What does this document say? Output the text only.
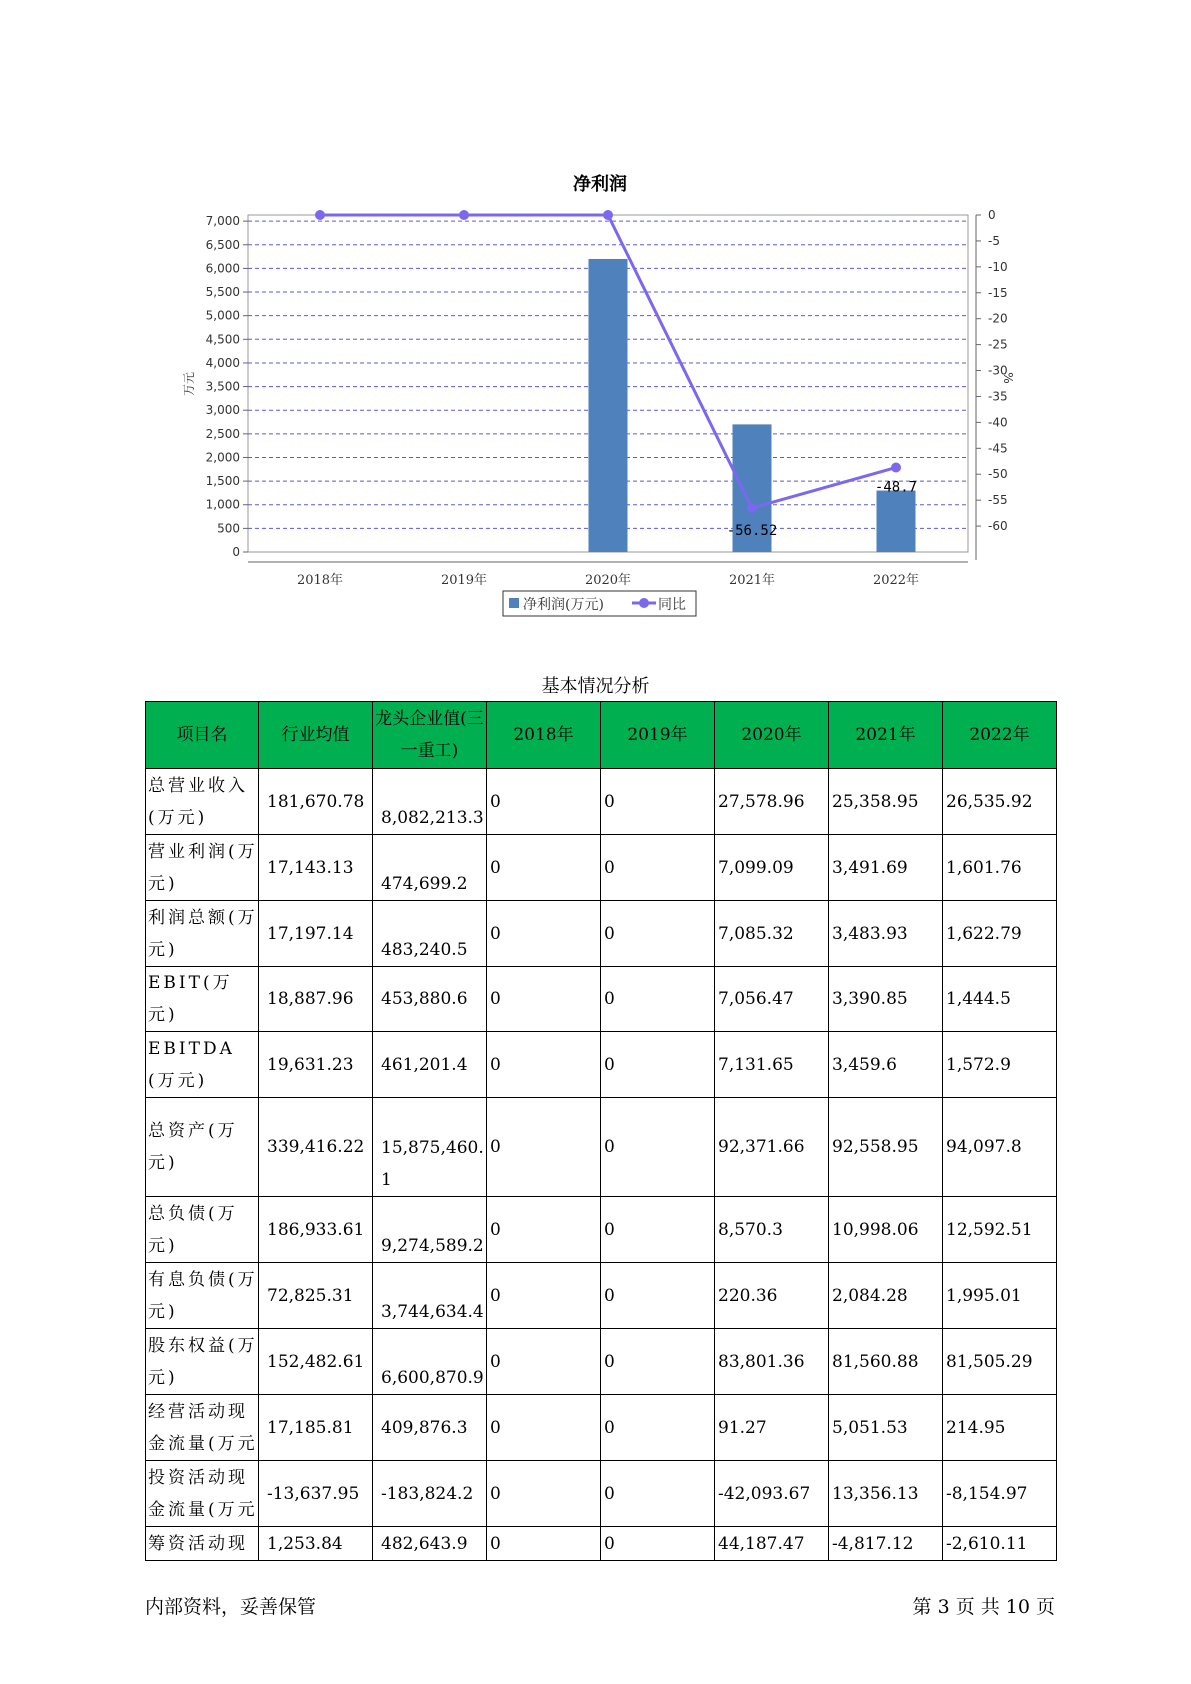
净利润
-56.52
-48.7
0
500
1,000
1,500
2,000
2,500
3,000
3,500
4,000
4,500
5,000
5,500
6,000
6,500
7,000	0
-5
-10
-15
-20
-25
-30
-35
-40
-45
-50
-55
-60
2018年	2019年	2020年	2021年	2022年
万元	%
净利润(万元)	同比
基本情况分析
项目名	行业均值	龙头企业值(三一重工)	2018年	2019年	2020年	2021年	2022年
总营业收入(万元)	181,670.78	8,082,213.3	0	0	27,578.96	25,358.95	26,535.92
营业利润(万元)	17,143.13	474,699.2	0	0	7,099.09	3,491.69	1,601.76
利润总额(万元)	17,197.14	483,240.5	0	0	7,085.32	3,483.93	1,622.79
EBIT(万元)	18,887.96	453,880.6	0	0	7,056.47	3,390.85	1,444.5
EBITDA(万元)	19,631.23	461,201.4	0	0	7,131.65	3,459.6	1,572.9
总资产(万元)	339,416.22	15,875,460.1	0	0	92,371.66	92,558.95	94,097.8
总负债(万元)	186,933.61	9,274,589.2	0	0	8,570.3	10,998.06	12,592.51
有息负债(万元)	72,825.31	3,744,634.4	0	0	220.36	2,084.28	1,995.01
股东权益(万元)	152,482.61	6,600,870.9	0	0	83,801.36	81,560.88	81,505.29
经营活动现金流量(万元	17,185.81	409,876.3	0	0	91.27	5,051.53	214.95
投资活动现金流量(万元	-13,637.95	-183,824.2	0	0	-42,093.67	13,356.13	-8,154.97
筹资活动现	1,253.84	482,643.9	0	0	44,187.47	-4,817.12	-2,610.11
内部资料，妥善保管	第 3 页 共 10 页
